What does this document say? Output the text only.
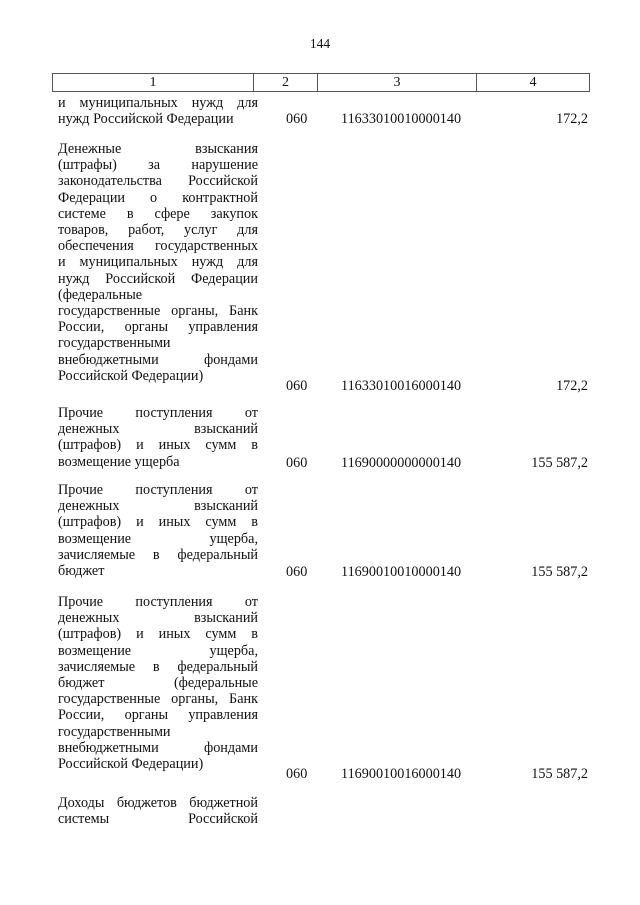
144
1	2	3	4
и муниципальных нужд для
нужд Российской Федерации	060	11633010010000140	172,2
Денежные взыскания
(штрафы) за нарушение
законодательства Российской
Федерации о контрактной
системе в сфере закупок
товаров, работ, услуг для
обеспечения государственных
и муниципальных нужд для
нужд Российской Федерации
(федеральные
государственные органы, Банк
России, органы управления
государственными
внебюджетными фондами
Российской Федерации)
060	11633010016000140	172,2
Прочие поступления от
денежных взысканий
(штрафов) и иных сумм в
возмещение ущерба	060	11690000000000140	155 587,2
Прочие поступления от
денежных взысканий
(штрафов) и иных сумм в
возмещение ущерба,
зачисляемые в федеральный
бюджет	060	11690010010000140	155 587,2
Прочие поступления от
денежных взысканий
(штрафов) и иных сумм в
возмещение ущерба,
зачисляемые в федеральный
бюджет (федеральные
государственные органы, Банк
России, органы управления
государственными
внебюджетными фондами
Российской Федерации)
060	11690010016000140	155 587,2
Доходы бюджетов бюджетной
системы Российской
